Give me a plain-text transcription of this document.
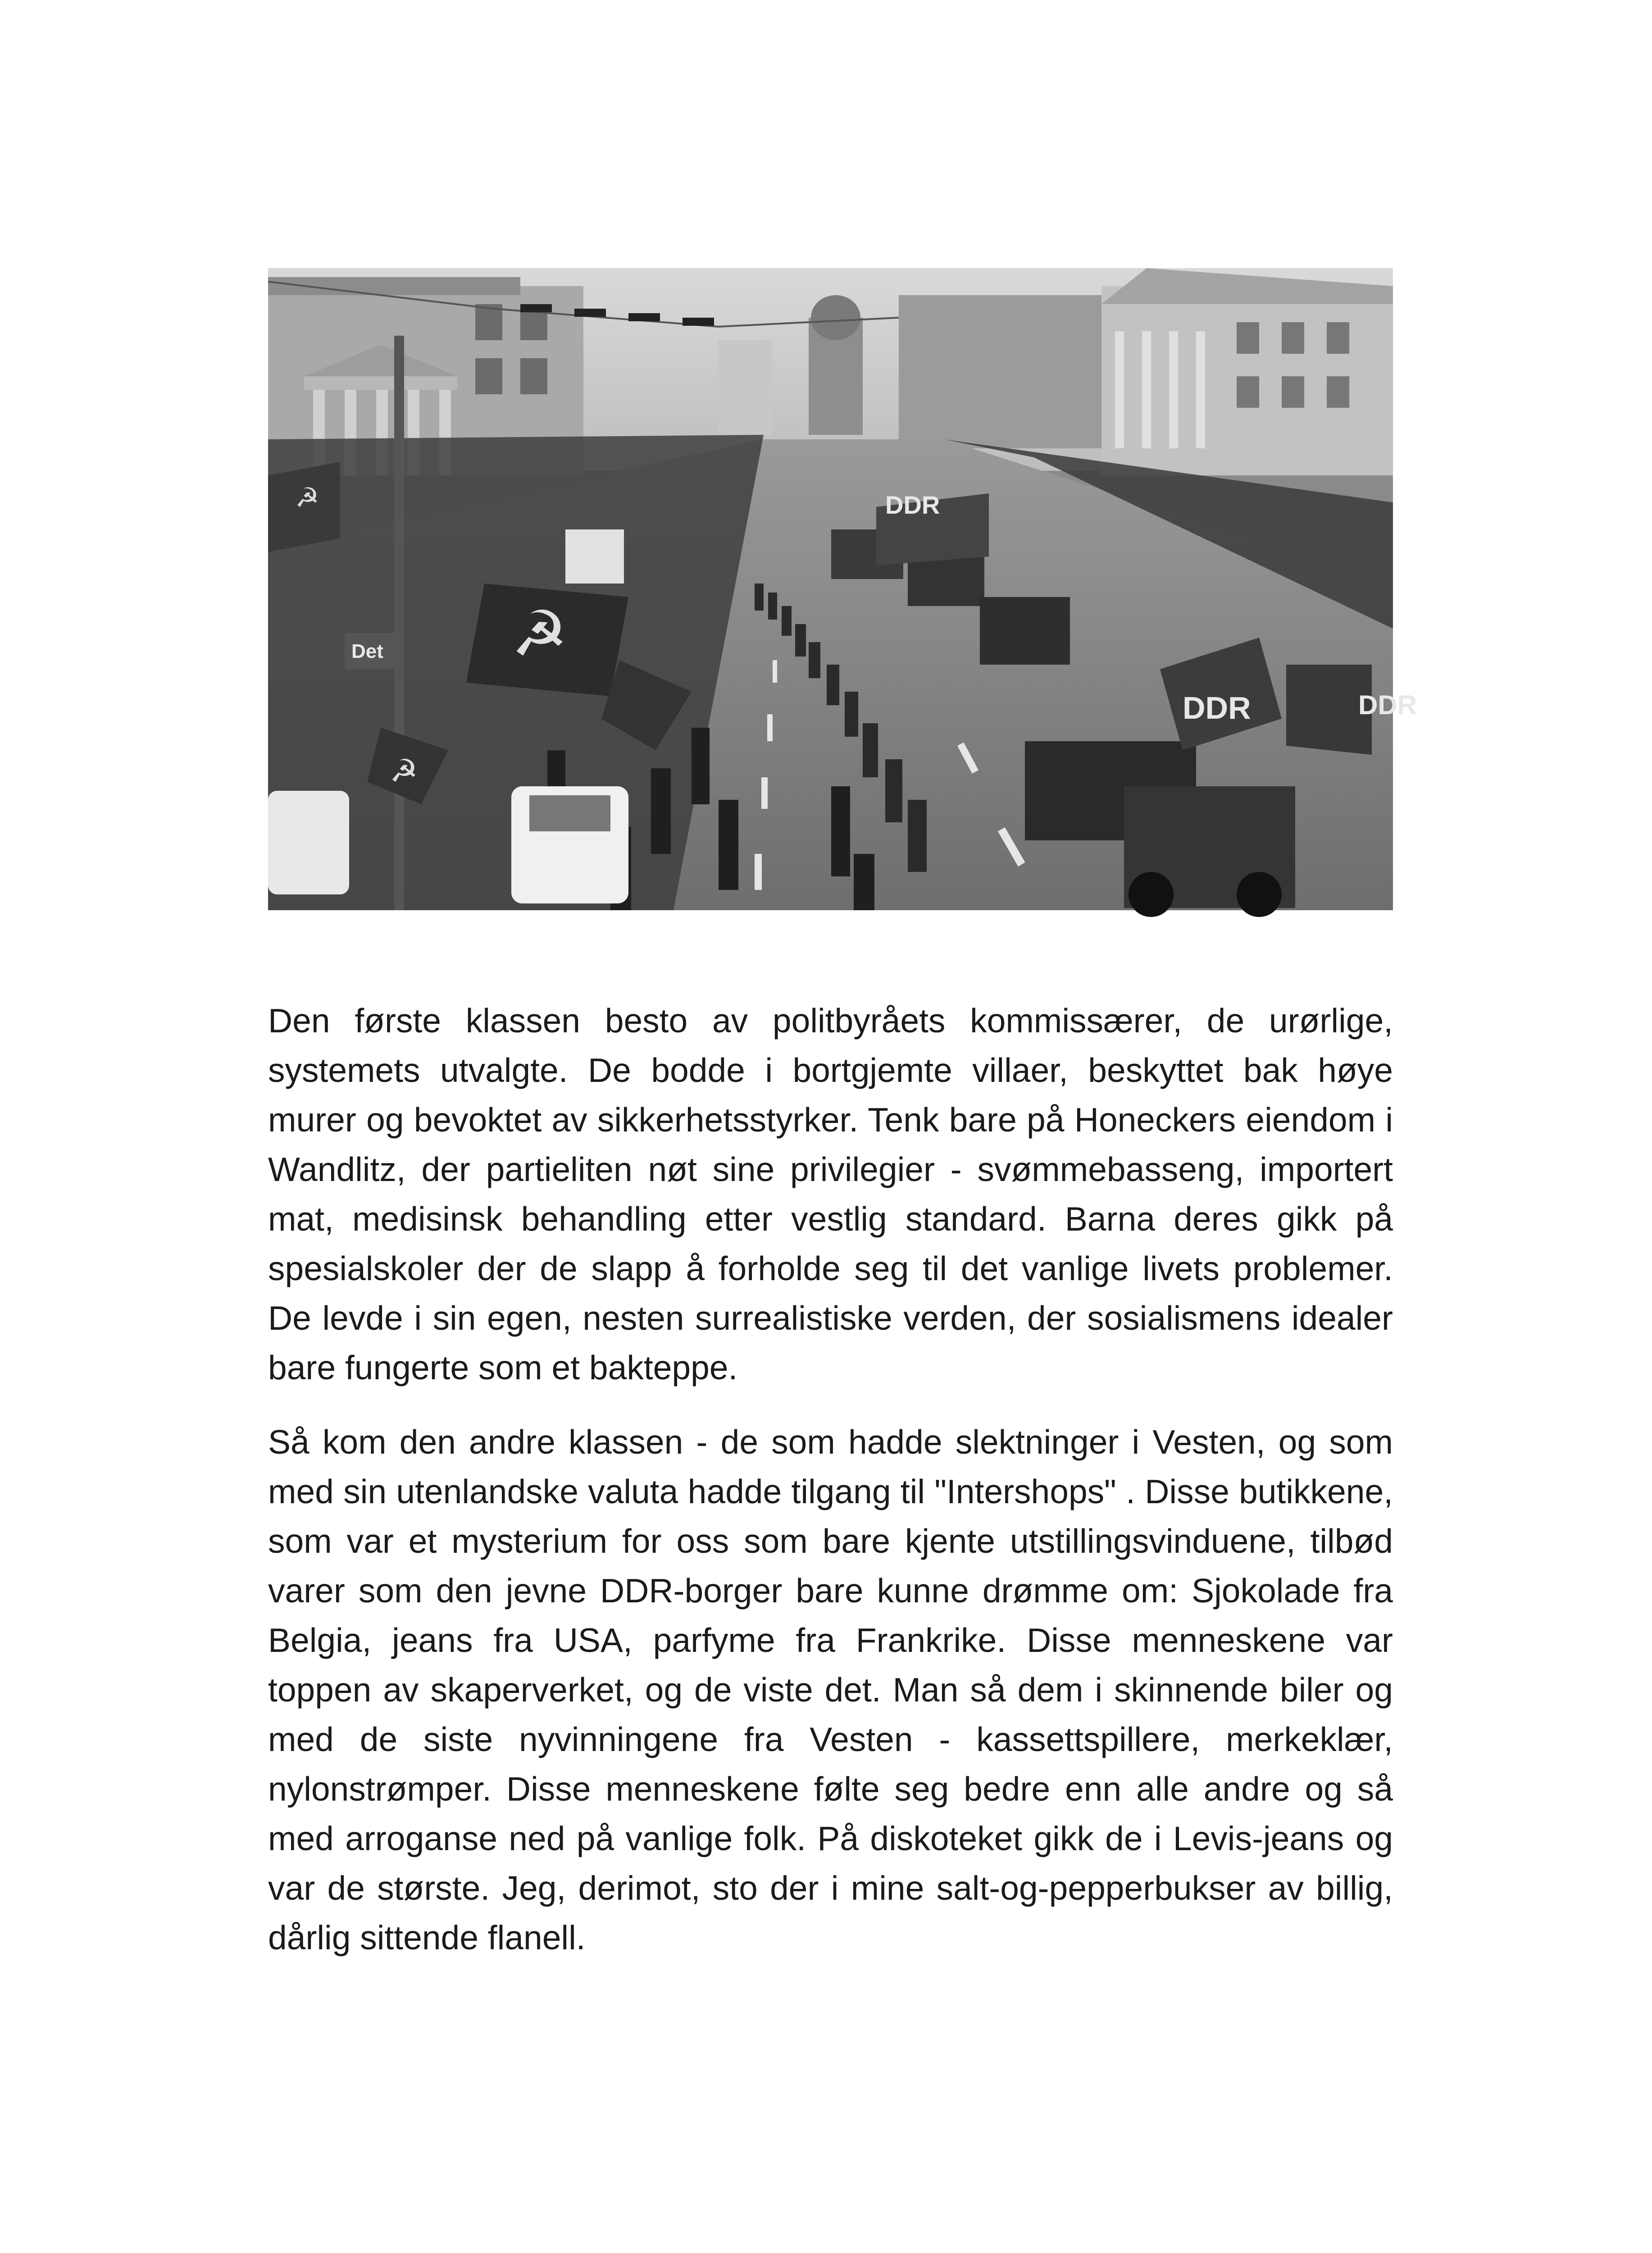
☭
☭
☭
DDR
DDR	DDR
Det

Den første klassen besto av politbyråets kommissærer, de urørlige, systemets utvalgte. De bodde i bortgjemte villaer, beskyttet bak høye murer og bevoktet av sikkerhetsstyrker. Tenk bare på Honeckers eiendom i Wandlitz, der partieliten nøt sine privilegier - svømmebasseng, importert mat, medisinsk behandling etter vestlig standard. Barna deres gikk på spesialskoler der de slapp å forholde seg til det vanlige livets problemer. De levde i sin egen, nesten surrealistiske verden, der sosialismens idealer bare fungerte som et bakteppe.

Så kom den andre klassen - de som hadde slektninger i Vesten, og som med sin utenlandske valuta hadde tilgang til "Intershops" . Disse butikkene, som var et mysterium for oss som bare kjente utstillingsvinduene, tilbød varer som den jevne DDR-borger bare kunne drømme om: Sjokolade fra Belgia, jeans fra USA, parfyme fra Frankrike. Disse menneskene var toppen av skaperverket, og de viste det. Man så dem i skinnende biler og med de siste nyvinningene fra Vesten - kassettspillere, merkeklær, nylonstrømper. Disse menneskene følte seg bedre enn alle andre og så med arroganse ned på vanlige folk. På diskoteket gikk de i Levis-jeans og var de største. Jeg, derimot, sto der i mine salt-og-pepperbukser av billig, dårlig sittende flanell.
